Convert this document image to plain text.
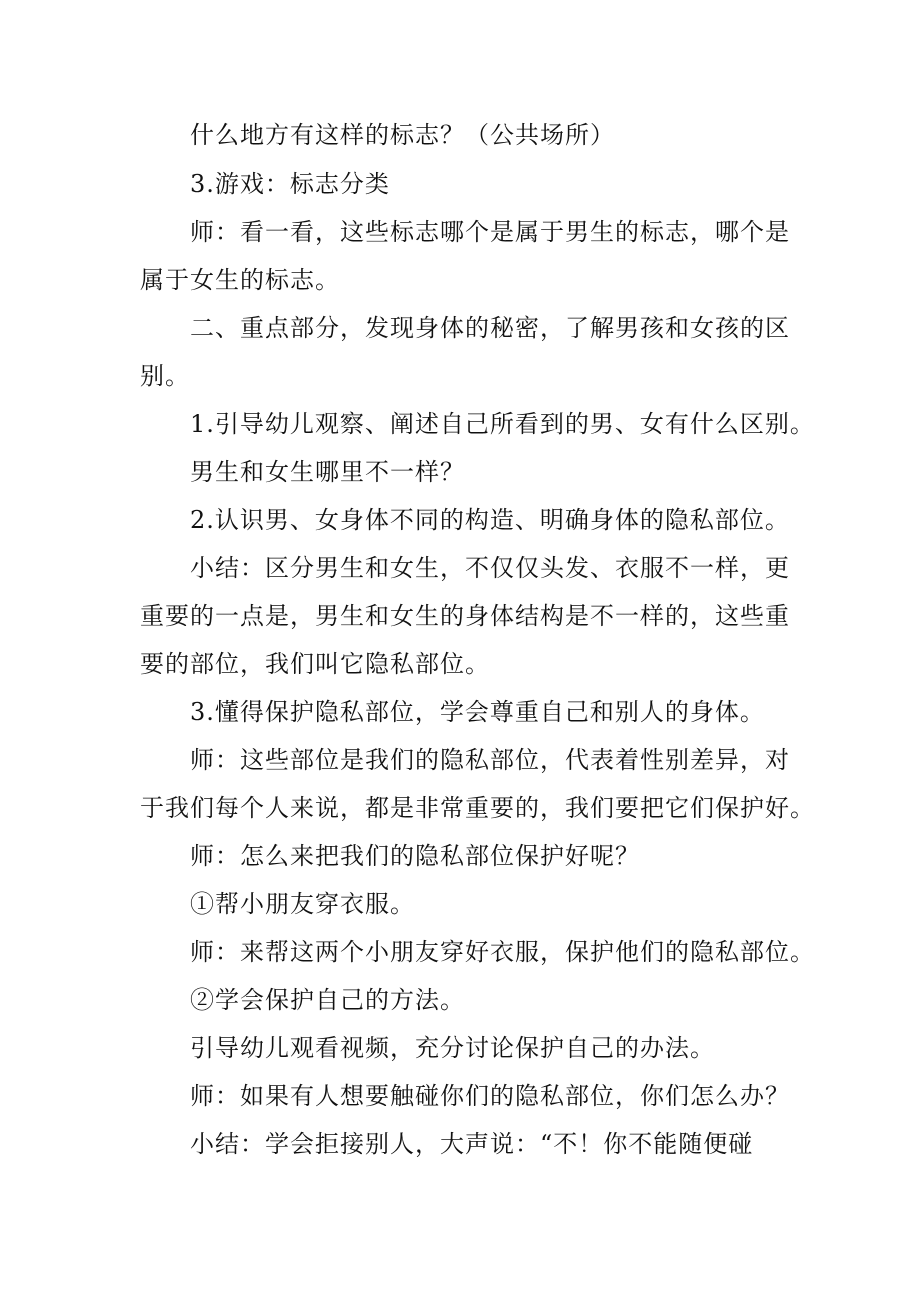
什么地方有这样的标志？（公共场所）

3.游戏：标志分类

师：看一看，这些标志哪个是属于男生的标志，哪个是

属于女生的标志。

二、重点部分，发现身体的秘密，了解男孩和女孩的区

别。

1.引导幼儿观察、阐述自己所看到的男、女有什么区别。

男生和女生哪里不一样？

2.认识男、女身体不同的构造、明确身体的隐私部位。

小结：区分男生和女生，不仅仅头发、衣服不一样，更

重要的一点是，男生和女生的身体结构是不一样的，这些重

要的部位，我们叫它隐私部位。

3.懂得保护隐私部位，学会尊重自己和别人的身体。

师：这些部位是我们的隐私部位，代表着性别差异，对

于我们每个人来说，都是非常重要的，我们要把它们保护好。

师：怎么来把我们的隐私部位保护好呢？

①帮小朋友穿衣服。

师：来帮这两个小朋友穿好衣服，保护他们的隐私部位。

②学会保护自己的方法。

引导幼儿观看视频，充分讨论保护自己的办法。

师：如果有人想要触碰你们的隐私部位，你们怎么办？

小结：学会拒接别人，大声说：“不！你不能随便碰
